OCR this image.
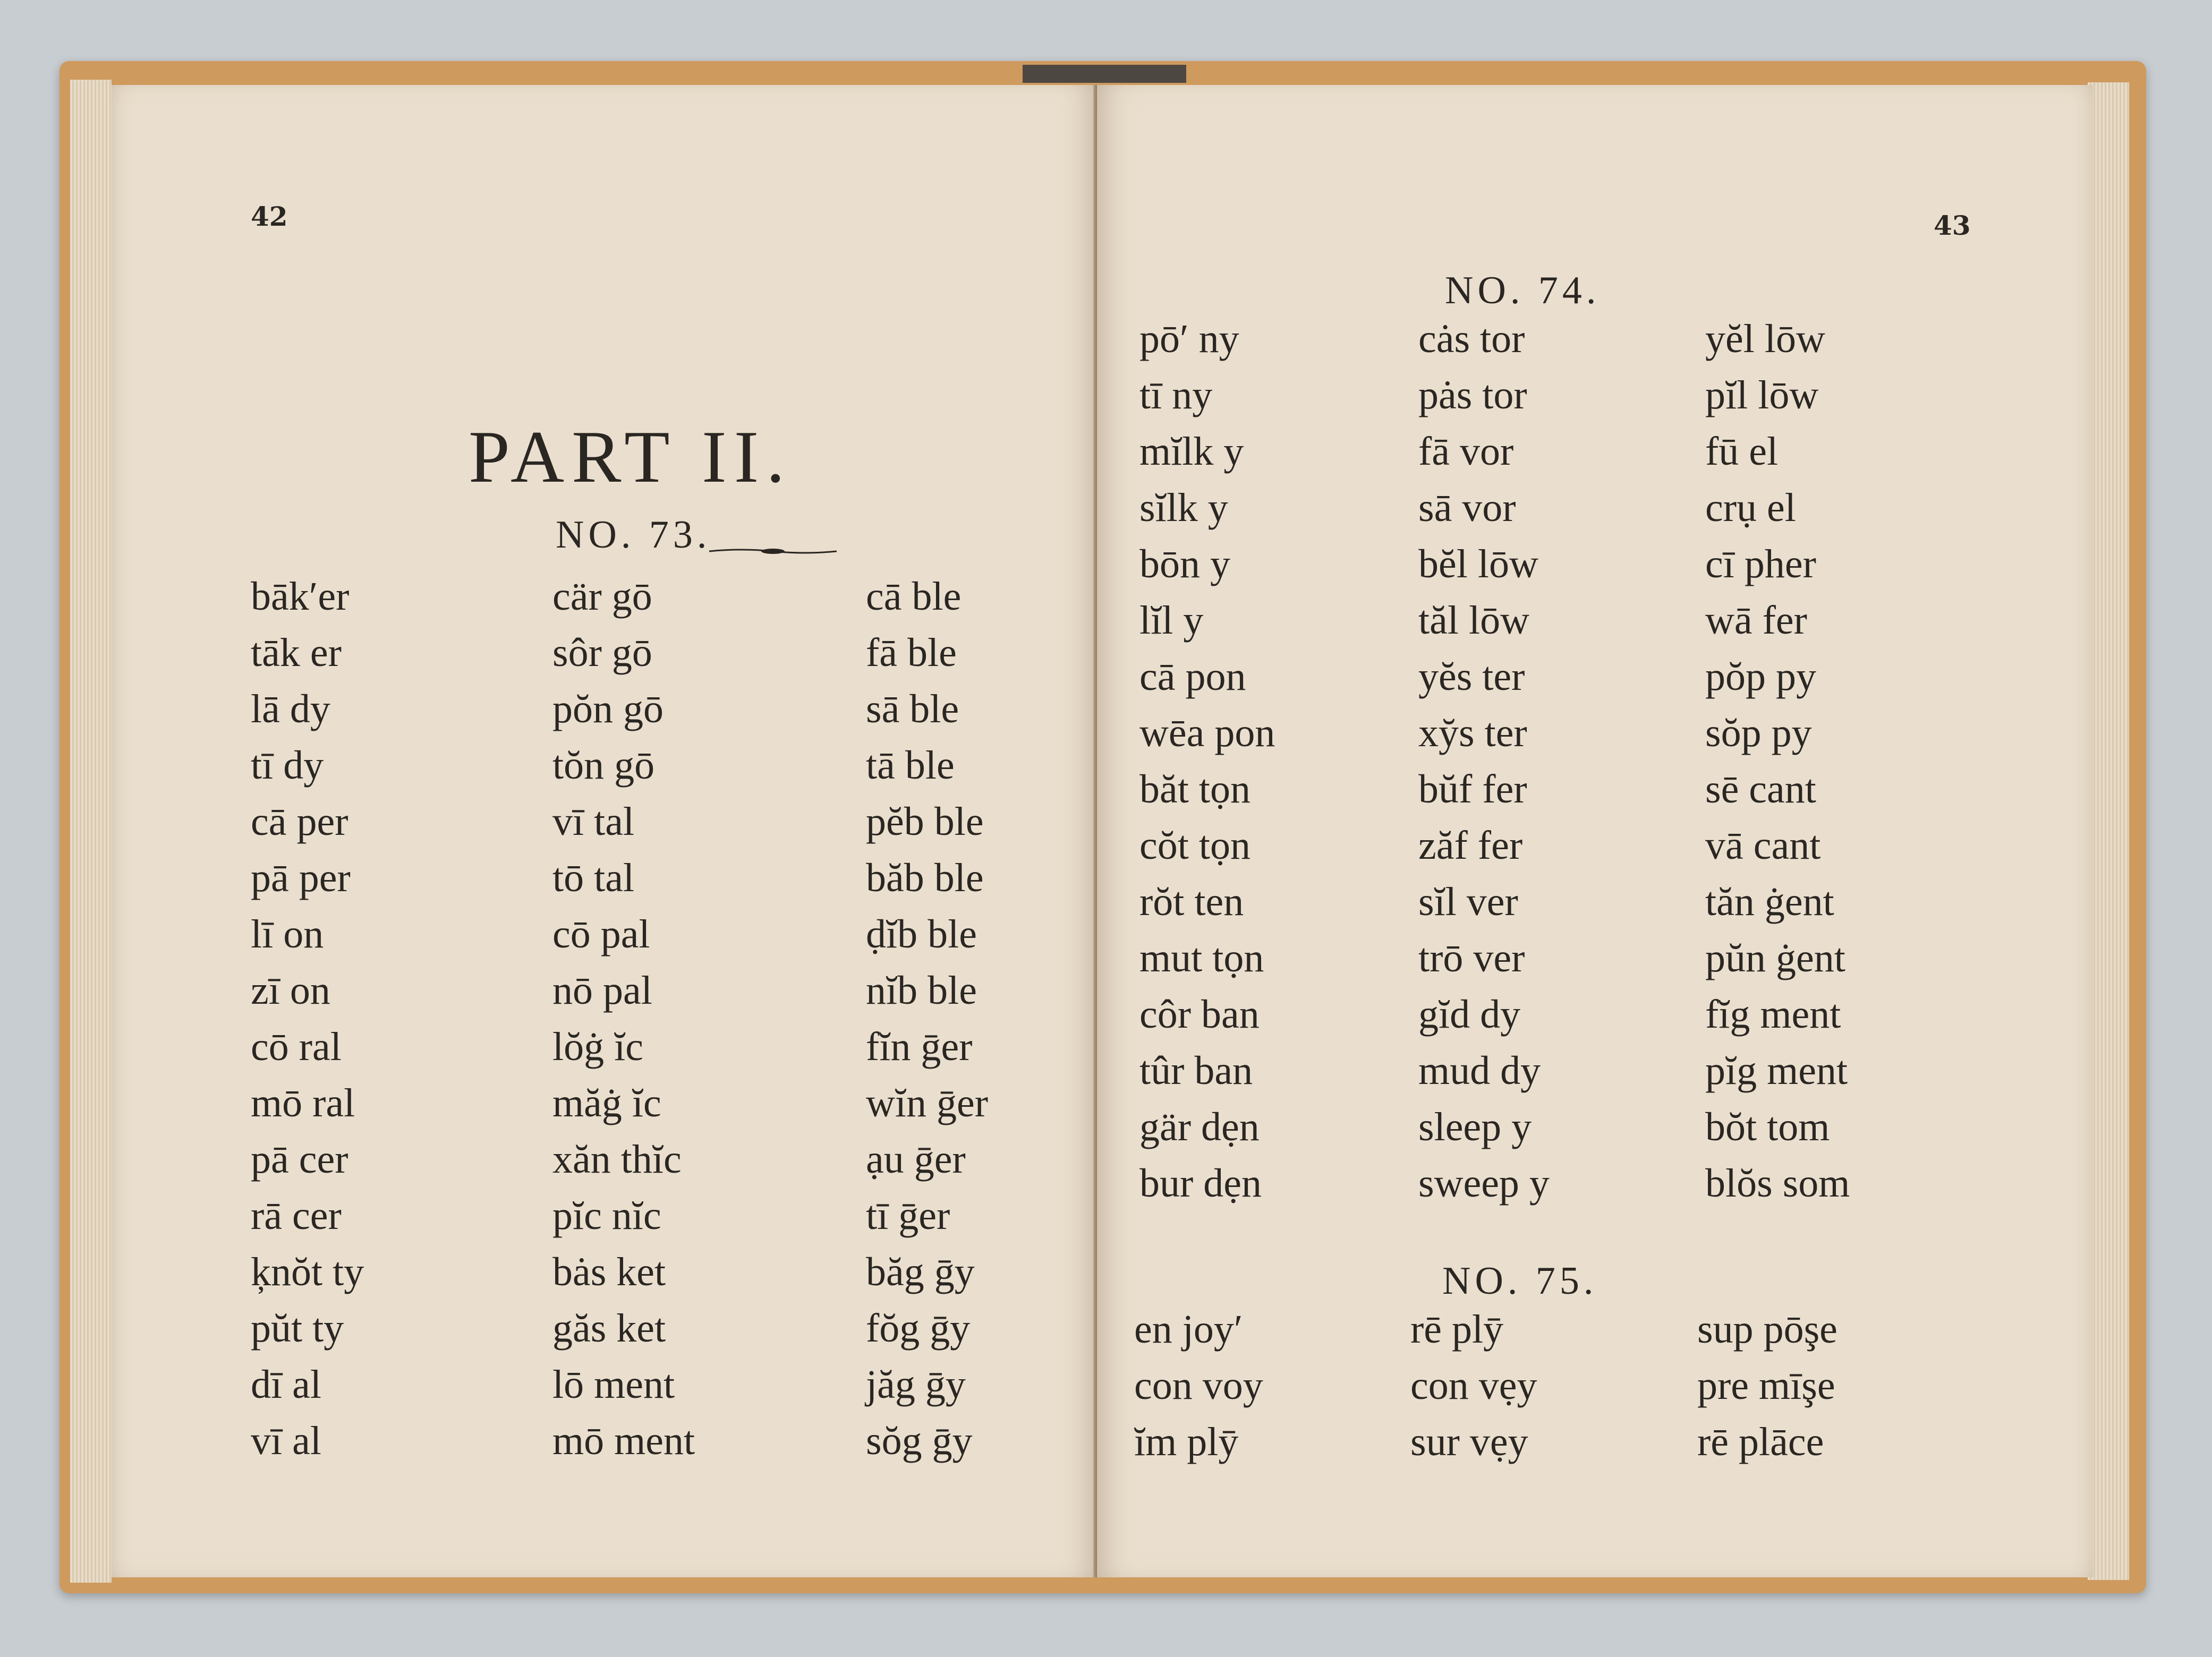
42
PART II.
NO. 73.
bāk′er
tāk er
lā dy
tī dy
cā per
pā per
lī on
zī on
cō ral
mō ral
pā cer
rā cer
ķnŏt ty
pŭt ty
dī al
vī al
cär gō
sôr gō
pŏn gō
tŏn gō
vī tal
tō tal
cō pal
nō pal
lŏġ ĭc
măġ ĭc
xăn thĭc
pĭc nĭc
bȧs ket
găs ket
lō ment
mō ment
cā ble
fā ble
sā ble
tā ble
pĕb ble
băb ble
ḍĭb ble
nĭb ble
fĭn ḡer
wĭn ḡer
ạu ḡer
tī ḡer
băg ḡy
fŏg ḡy
jăg ḡy
sŏg ḡy
43
NO. 74.
pō′ ny
tī ny
mĭlk y
sĭlk y
bōn y
lĭl y
cā pon
wēa pon
băt tọn
cŏt tọn
rŏt ten
mut tọn
côr ban
tûr ban
gär dẹn
bur dẹn
cȧs tor
pȧs tor
fā vor
sā vor
bĕl lōw
tăl lōw
yĕs ter
xy̆s ter
bŭf fer
zăf fer
sĭl ver
trō ver
gĭd dy
mud dy
sleep y
sweep y
yĕl lōw
pĭl lōw
fū el
crụ el
cī pher
wā fer
pŏp py
sŏp py
sē cant
vā cant
tăn ġent
pŭn ġent
fĭg ment
pĭg ment
bŏt tom
blŏs som
NO. 75.
en joy′
con voy
ĭm plȳ
rē plȳ
con vẹy
sur vẹy
sup pōşe
pre mīşe
rē plāce
